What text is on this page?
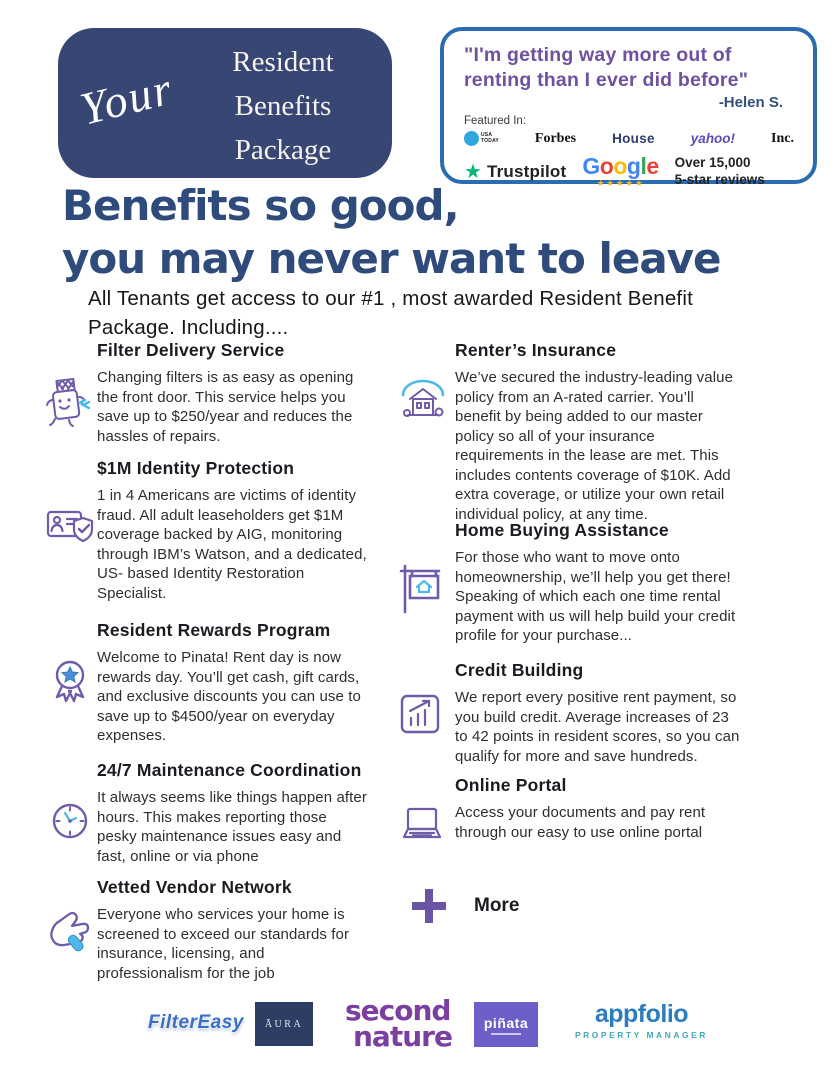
Your
Resident
Benefits
Package
"I'm getting way more out of renting than I ever did before"
-Helen S.
Featured In:
USA
TODAY	Forbes	House	yahoo!	Inc.
★ Trustpilot Google
★★★★★
Over 15,000
5-star reviews
Benefits so good,
you may never want to leave
All Tenants get access to our #1 , most awarded Resident Benefit Package. Including....
Filter Delivery Service
Changing filters is as easy as opening the front door. This service helps you save up to $250/year and reduces the hassles of repairs.
$1M Identity Protection
1 in 4 Americans are victims of identity fraud. All adult leaseholders get $1M coverage backed by AIG, monitoring through IBM’s Watson, and a dedicated, US- based Identity Restoration Specialist.
Resident Rewards Program
Welcome to Pinata! Rent day is now rewards day. You’ll get cash, gift cards, and exclusive discounts you can use to save up to $4500/year on everyday expenses.
24/7 Maintenance Coordination
It always seems like things happen after hours. This makes reporting those pesky maintenance issues easy and fast, online or via phone
Vetted Vendor Network
Everyone who services your home is screened to exceed our standards for insurance, licensing, and professionalism for the job
Renter’s Insurance
We’ve secured the industry-leading value policy from an A-rated carrier. You’ll benefit by being added to our master policy so all of your insurance requirements in the lease are met. This includes contents coverage of $10K. Add extra coverage, or utilize your own retail individual policy, at any time.
Home Buying Assistance
For those who want to move onto homeownership, we’ll help you get there! Speaking of which each one time rental payment with us will help build your credit profile for your purchase...
Credit Building
We report every positive rent payment, so you build credit. Average increases of 23 to 42 points in resident scores, so you can qualify for more and save hundreds.
Online Portal
Access your documents and pay rent through our easy to use online portal
More
FilterEasy ĀURA second
nature piñata	appfolio
PROPERTY MANAGER
